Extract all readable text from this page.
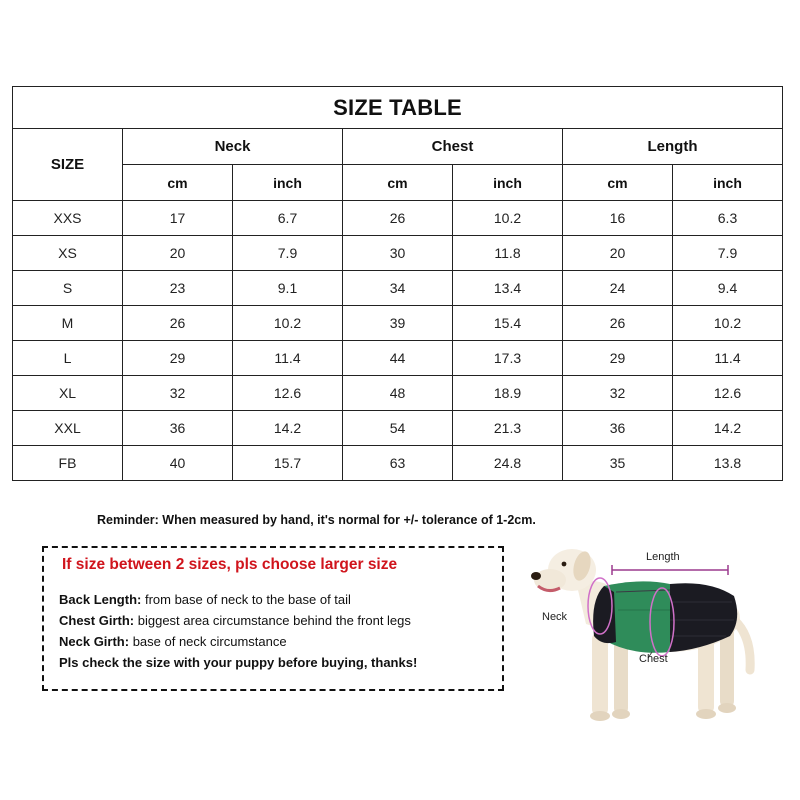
SIZE TABLE						
SIZE	Neck		Chest		Length	
	cm	inch	cm	inch	cm	inch
XXS	17	6.7	26	10.2	16	6.3
XS	20	7.9	30	11.8	20	7.9
S	23	9.1	34	13.4	24	9.4
M	26	10.2	39	15.4	26	10.2
L	29	11.4	44	17.3	29	11.4
XL	32	12.6	48	18.9	32	12.6
XXL	36	14.2	54	21.3	36	14.2
FB	40	15.7	63	24.8	35	13.8
Reminder: When measured by hand, it's normal for +/- tolerance of 1-2cm.
If size between 2 sizes, pls choose larger size
Back Length: from base of neck to the base of tail
Chest Girth: biggest area circumstance behind the front legs
Neck Girth: base of neck circumstance
Pls check the size with your puppy before buying, thanks!
Length
Neck
Chest
